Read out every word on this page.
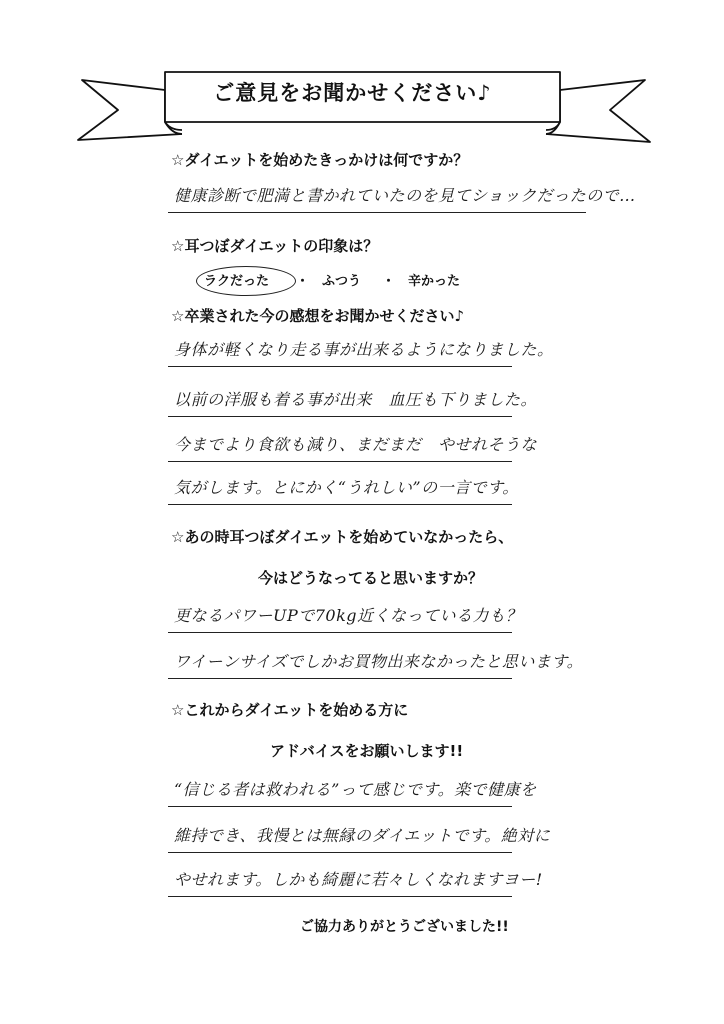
ご意見をお聞かせください♪
☆ダイエットを始めたきっかけは何ですか？
健康診断で肥満と書かれていたのを見てショックだったので…
☆耳つぼダイエットの印象は？
ラクだった ・ ふつう ・ 辛かった
☆卒業された今の感想をお聞かせください♪
身体が軽くなり走る事が出来るようになりました。
以前の洋服も着る事が出来　血圧も下りました。
今までより食欲も減り、まだまだ　やせれそうな
気がします。とにかく“うれしい”の一言です。
☆あの時耳つぼダイエットを始めていなかったら、
今はどうなってると思いますか？
更なるパワーUPで70kg近くなっている力も？
ワイーンサイズでしかお買物出来なかったと思います。
☆これからダイエットを始める方に
アドバイスをお願いします!!
“信じる者は救われる”って感じです。楽で健康を
維持でき、我慢とは無縁のダイエットです。絶対に
やせれます。しかも綺麗に若々しくなれますヨー!
ご協力ありがとうございました!!
